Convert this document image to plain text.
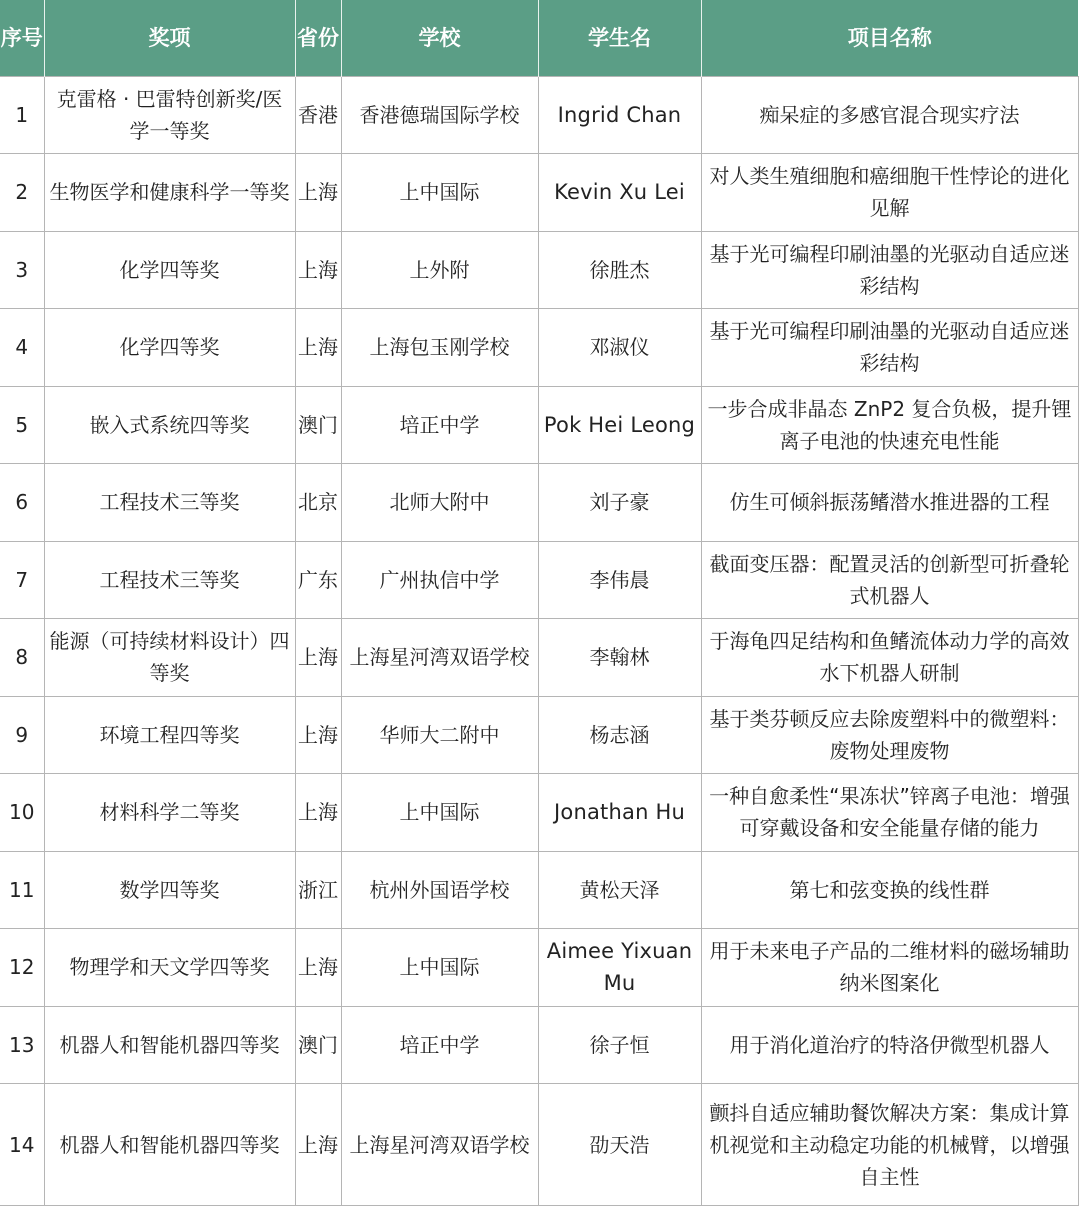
序号	奖项	省份	学校	学生名	项目名称
1	克雷格 · 巴雷特创新奖/医学一等奖	香港	香港德瑞国际学校	Ingrid Chan	痴呆症的多感官混合现实疗法
2	生物医学和健康科学一等奖	上海	上中国际	Kevin Xu Lei	对人类生殖细胞和癌细胞干性悖论的进化见解
3	化学四等奖	上海	上外附	徐胜杰	基于光可编程印刷油墨的光驱动自适应迷彩结构
4	化学四等奖	上海	上海包玉刚学校	邓淑仪	基于光可编程印刷油墨的光驱动自适应迷彩结构
5	嵌入式系统四等奖	澳门	培正中学	Pok Hei Leong	一步合成非晶态 ZnP2 复合负极，提升锂离子电池的快速充电性能
6	工程技术三等奖	北京	北师大附中	刘子豪	仿生可倾斜振荡鳍潜水推进器的工程
7	工程技术三等奖	广东	广州执信中学	李伟晨	截面变压器：配置灵活的创新型可折叠轮式机器人
8	能源（可持续材料设计）四等奖	上海	上海星河湾双语学校	李翰林	于海龟四足结构和鱼鳍流体动力学的高效水下机器人研制
9	环境工程四等奖	上海	华师大二附中	杨志涵	基于类芬顿反应去除废塑料中的微塑料：废物处理废物
10	材料科学二等奖	上海	上中国际	Jonathan Hu	一种自愈柔性“果冻状”锌离子电池：增强可穿戴设备和安全能量存储的能力
11	数学四等奖	浙江	杭州外国语学校	黄松天泽	第七和弦变换的线性群
12	物理学和天文学四等奖	上海	上中国际	Aimee Yixuan Mu	用于未来电子产品的二维材料的磁场辅助纳米图案化
13	机器人和智能机器四等奖	澳门	培正中学	徐子恒	用于消化道治疗的特洛伊微型机器人
14	机器人和智能机器四等奖	上海	上海星河湾双语学校	劭天浩	颤抖自适应辅助餐饮解决方案：集成计算机视觉和主动稳定功能的机械臂，以增强自主性
